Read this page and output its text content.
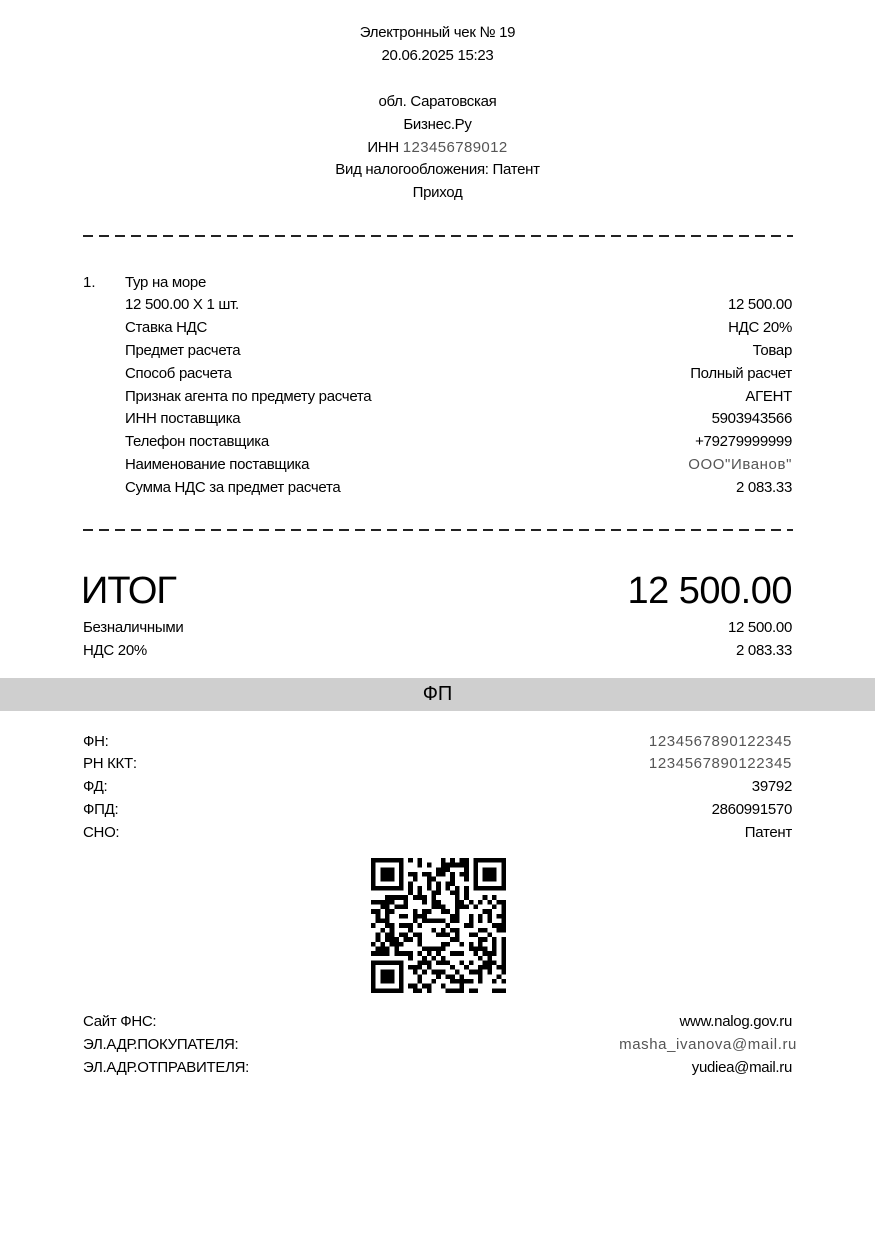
Электронный чек № 19
20.06.2025 15:23
обл. Саратовская
Бизнес.Ру
ИНН 123456789012
Вид налогообложения: Патент
Приход
1. Тур на море
12 500.00 Х 1 шт.	12 500.00
Ставка НДС	НДС 20%
Предмет расчета	Товар
Способ расчета	Полный расчет
Признак агента по предмету расчета	АГЕНТ
ИНН поставщика	5903943566
Телефон поставщика	+79279999999
Наименование поставщика	ООО"Иванов"
Сумма НДС за предмет расчета	2 083.33
ИТОГ	12 500.00
Безналичными	12 500.00
НДС 20%	2 083.33
ФП
ФН:	1234567890122345
РН ККТ:	1234567890122345
ФД:	39792
ФПД:	2860991570
СНО:	Патент
Сайт ФНС:	www.nalog.gov.ru
ЭЛ.АДР.ПОКУПАТЕЛЯ:	masha_ivanova@mail.ru
ЭЛ.АДР.ОТПРАВИТЕЛЯ:	yudiea@mail.ru
